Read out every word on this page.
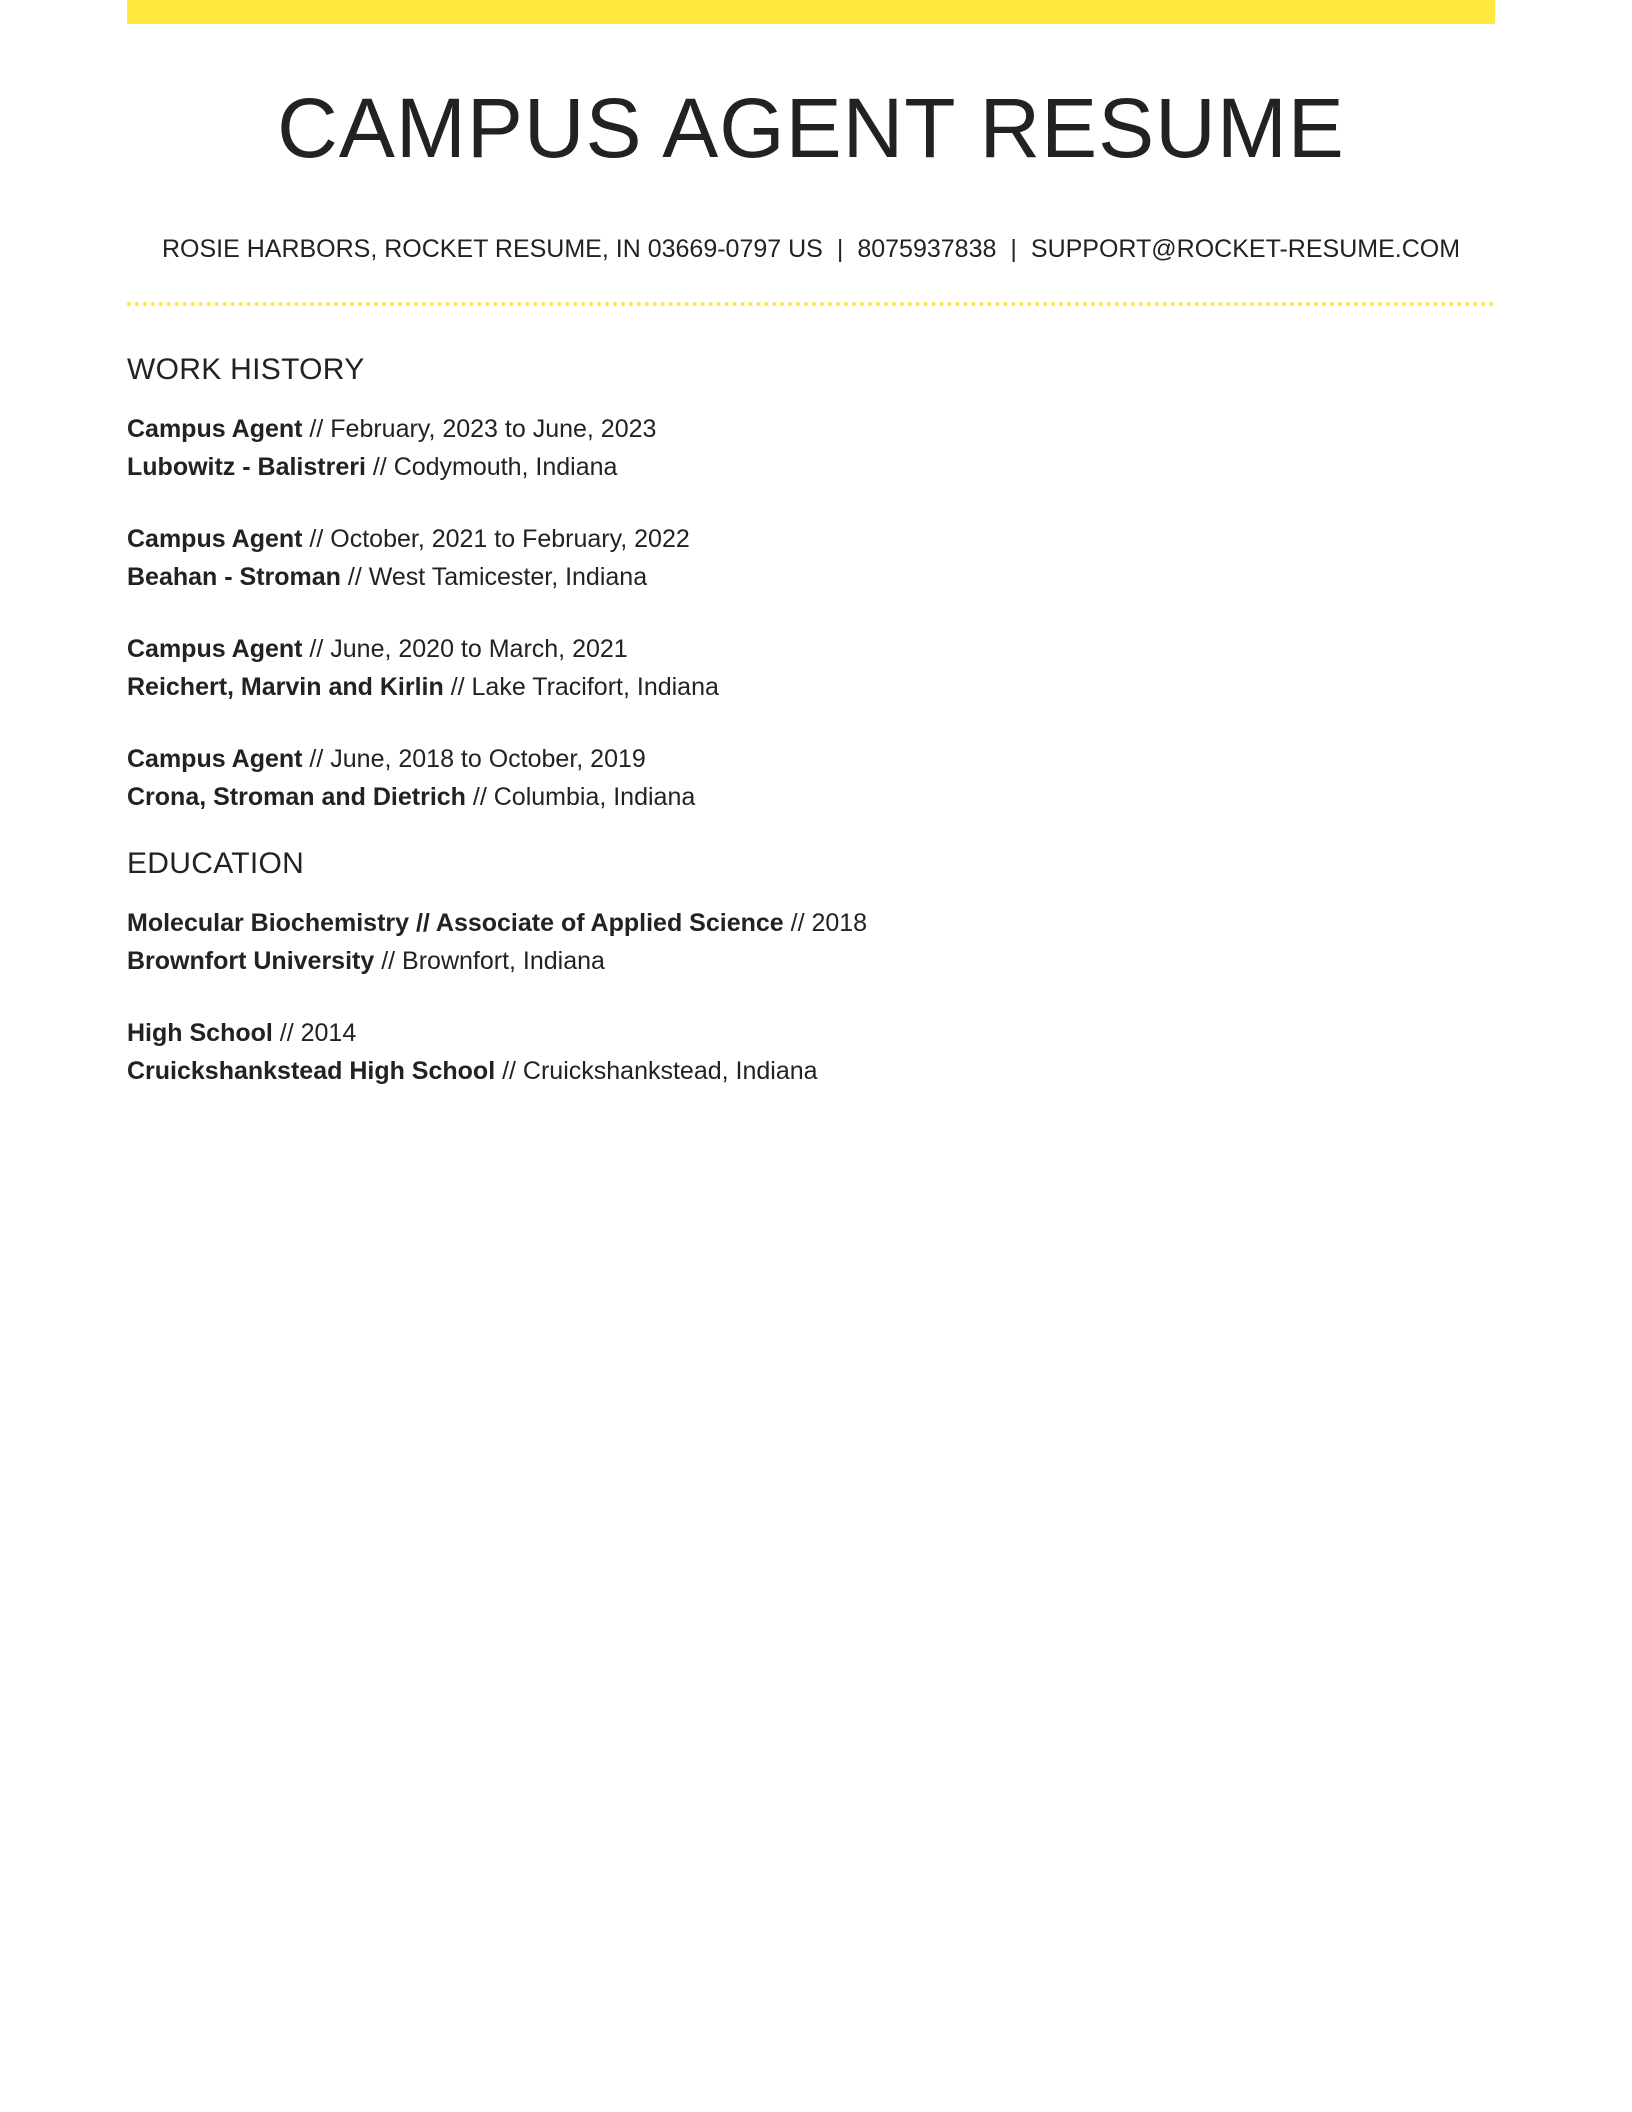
CAMPUS AGENT RESUME
ROSIE HARBORS, ROCKET RESUME, IN 03669-0797 US | 8075937838 | SUPPORT@ROCKET-RESUME.COM
WORK HISTORY
Campus Agent // February, 2023 to June, 2023
Lubowitz - Balistreri // Codymouth, Indiana
Campus Agent // October, 2021 to February, 2022
Beahan - Stroman // West Tamicester, Indiana
Campus Agent // June, 2020 to March, 2021
Reichert, Marvin and Kirlin // Lake Tracifort, Indiana
Campus Agent // June, 2018 to October, 2019
Crona, Stroman and Dietrich // Columbia, Indiana
EDUCATION
Molecular Biochemistry // Associate of Applied Science // 2018
Brownfort University // Brownfort, Indiana
High School // 2014
Cruickshankstead High School // Cruickshankstead, Indiana
